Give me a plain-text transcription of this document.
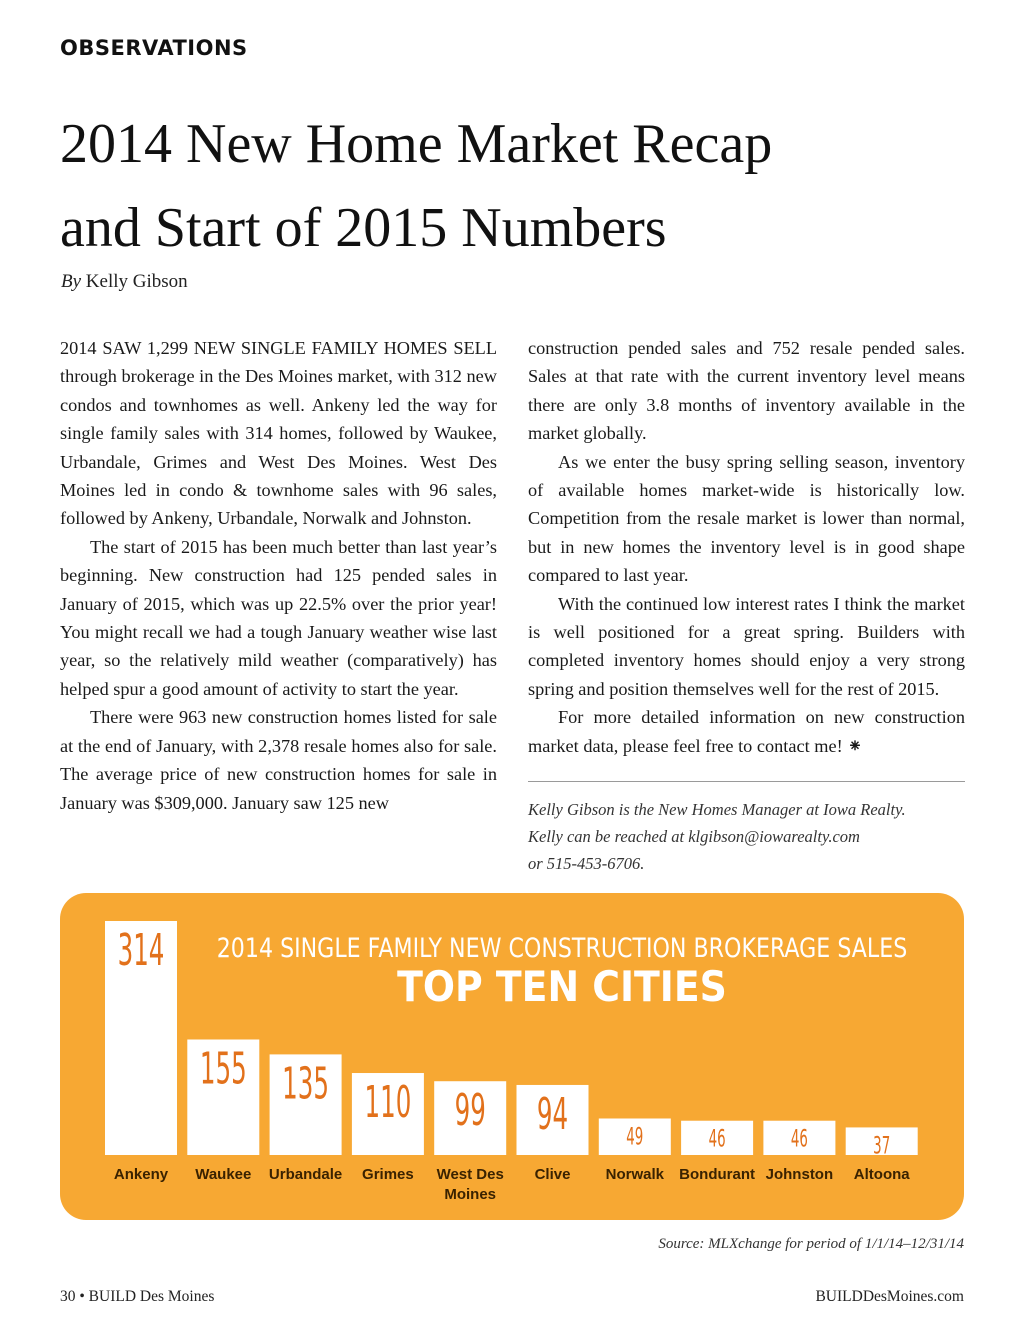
OBSERVATIONS
2014 New Home Market Recap
and Start of 2015 Numbers
By Kelly Gibson

2014 SAW 1,299 NEW SINGLE FAMILY HOMES SELL through brokerage in the Des Moines market, with 312 new condos and townhomes as well. Ankeny led the way for single family sales with 314 homes, followed by Waukee, Urbandale, Grimes and West Des Moines. West Des Moines led in condo & townhome sales with 96 sales, followed by Ankeny, Urbandale, Norwalk and Johnston.

The start of 2015 has been much better than last year’s beginning. New construction had 125 pended sales in January of 2015, which was up 22.5% over the prior year! You might recall we had a tough January weather wise last year, so the relatively mild weather (comparatively) has helped spur a good amount of activity to start the year.

There were 963 new construction homes listed for sale at the end of January, with 2,378 resale homes also for sale. The average price of new construction homes for sale in January was $309,000. January saw 125 new

construction pended sales and 752 resale pended sales. Sales at that rate with the current inventory level means there are only 3.8 months of inventory available in the market globally.

As we enter the busy spring selling season, inventory of available homes market-wide is historically low. Competition from the resale market is lower than normal, but in new homes the inventory level is in good shape compared to last year.

With the continued low interest rates I think the market is well positioned for a great spring. Builders with completed inventory homes should enjoy a very strong spring and position themselves well for the rest of 2015.

For more detailed information on new construction market data, please feel free to contact me! ⁕

Kelly Gibson is the New Homes Manager at Iowa Realty.
Kelly can be reached at klgibson@iowarealty.com
or 515-453-6706.
2014 SINGLE FAMILY NEW CONSTRUCTION BROKERAGE SALES
TOP TEN CITIES
314
Ankeny
155
Waukee
135
Urbandale
110
Grimes
99
West Des
Moines
94
Clive
49
Norwalk
46
Bondurant
46
Johnston
37
Altoona
Source: MLXchange for period of 1/1/14–12/31/14
30 • BUILD Des Moines	BUILDDesMoines.com
